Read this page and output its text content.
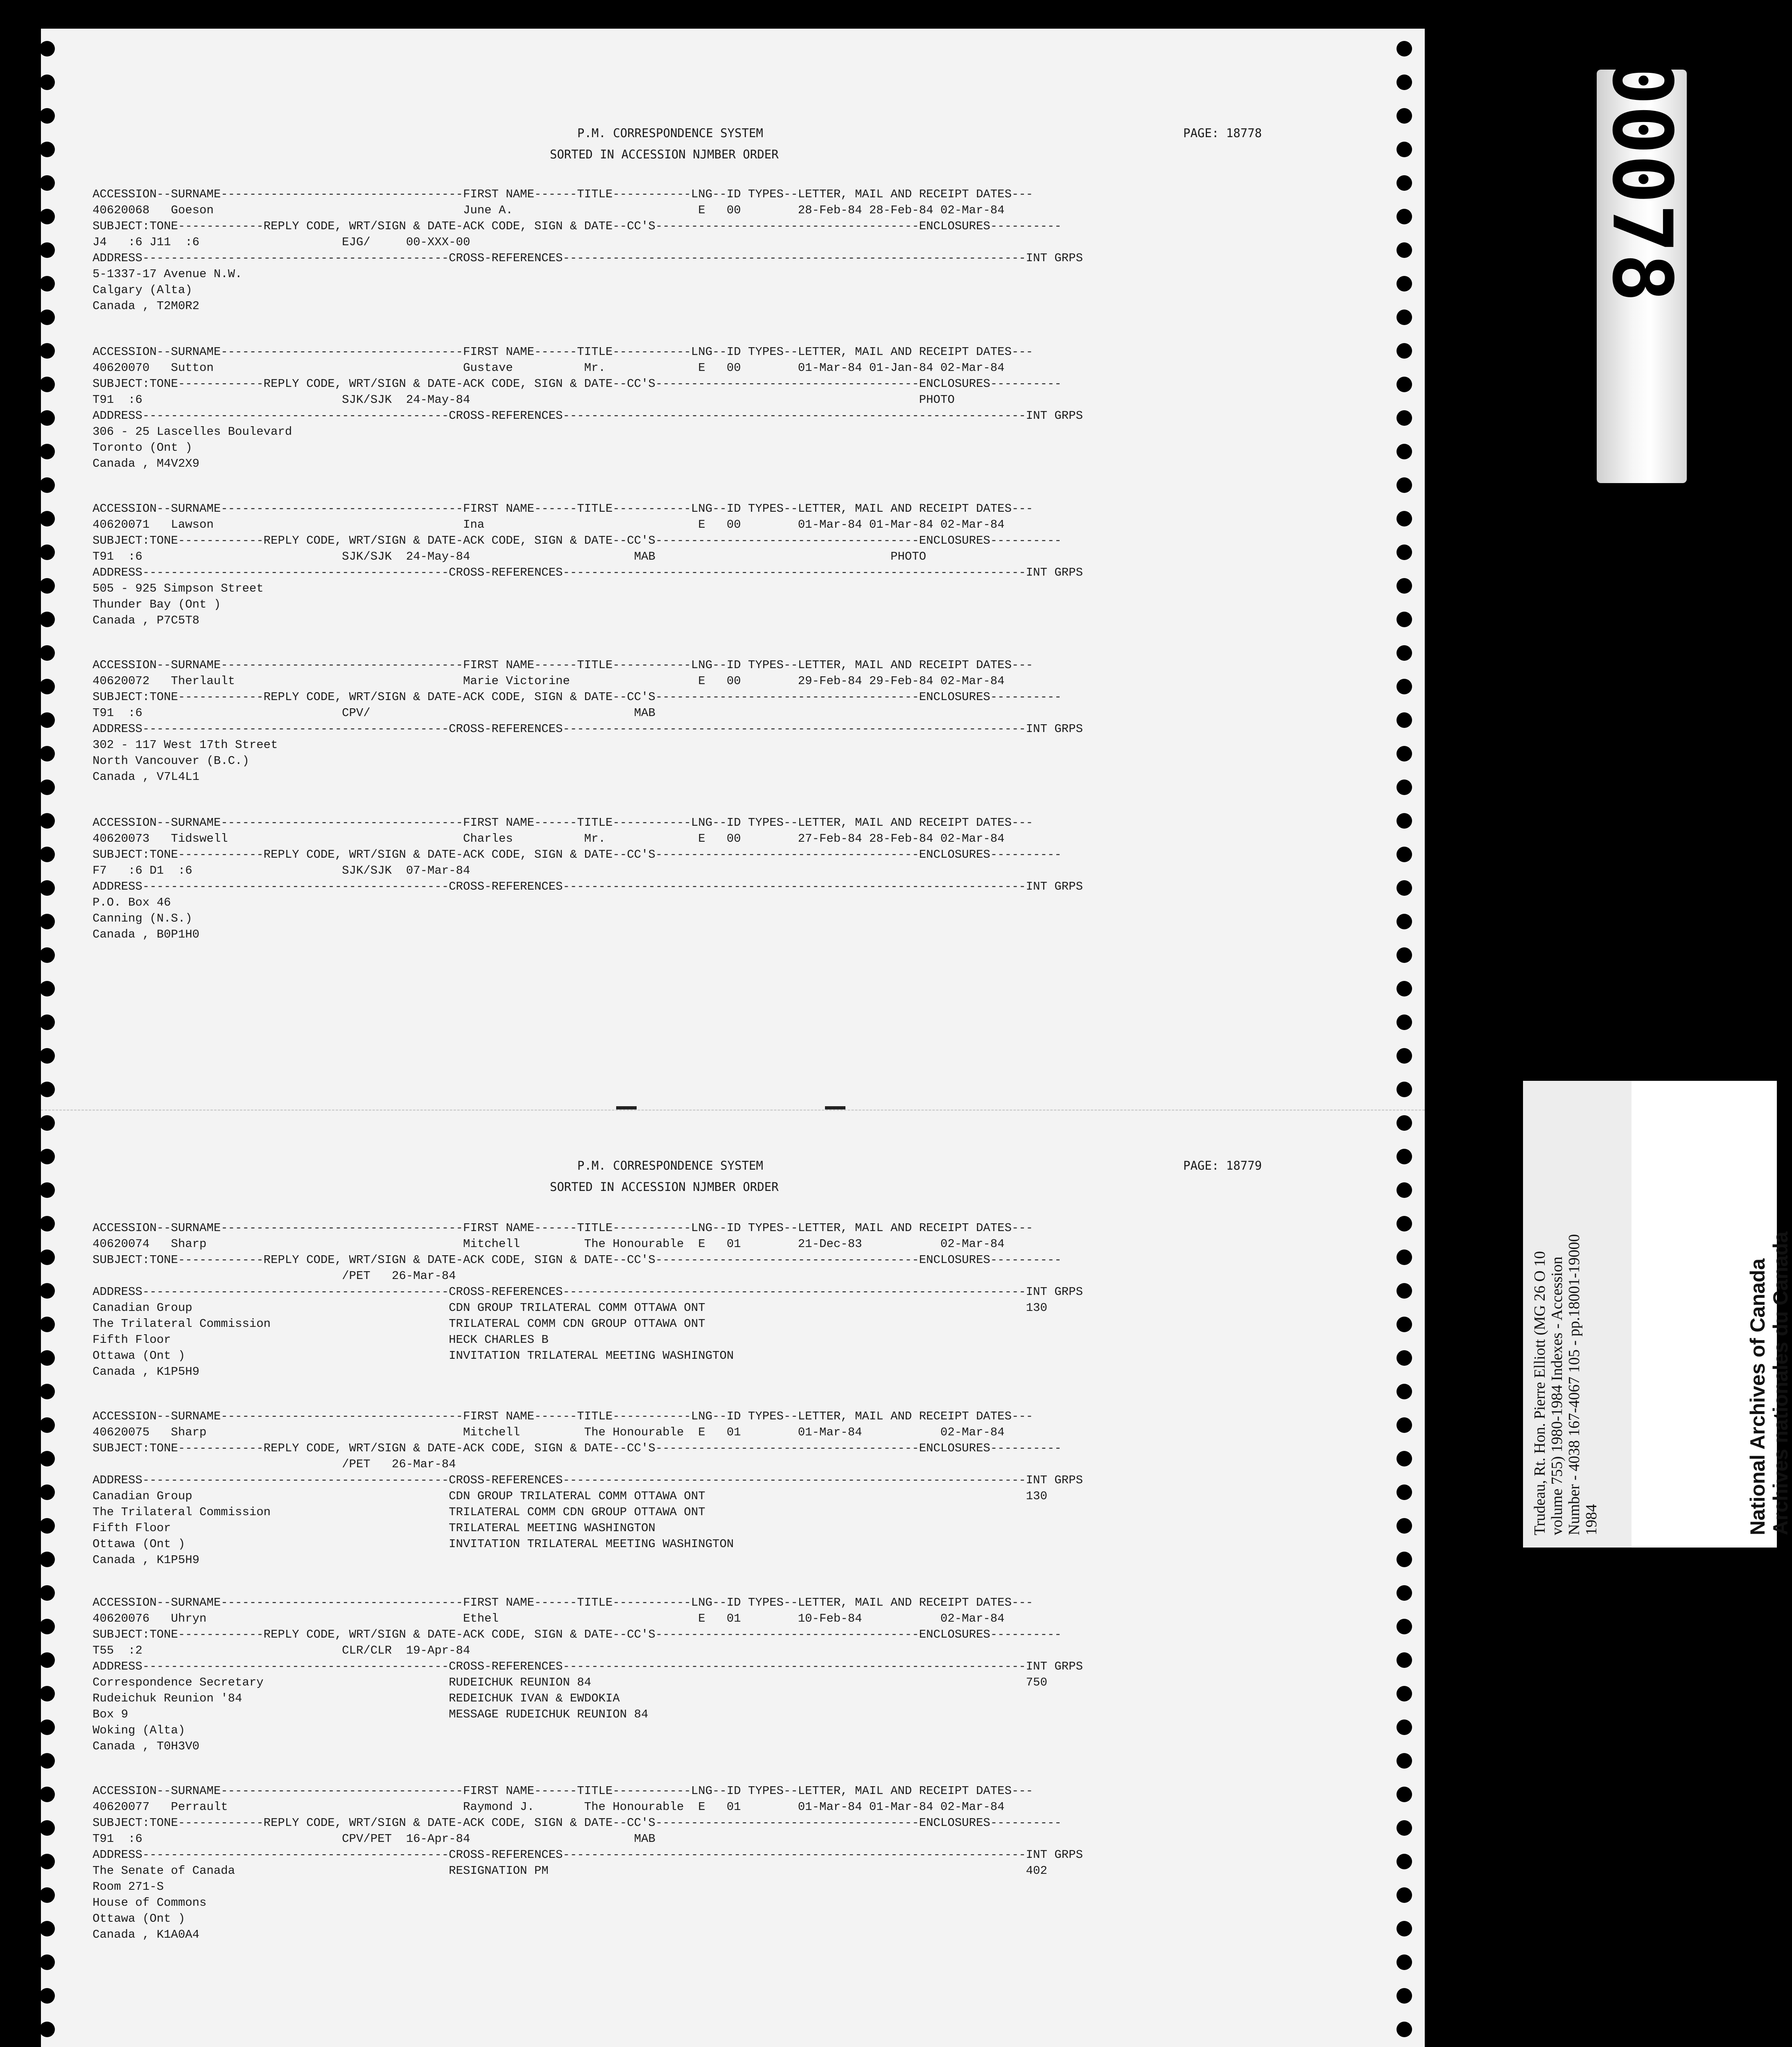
P.M. CORRESPONDENCE SYSTEM

	PAGE: 18778

SORTED IN ACCESSION NJMBER ORDER

ACCESSION--SURNAME----------------------------------FIRST NAME------TITLE-----------LNG--ID TYPES--LETTER, MAIL AND RECEIPT DATES---
40620068   Goeson                                   June A.                          E   00        28-Feb-84 28-Feb-84 02-Mar-84
SUBJECT:TONE------------REPLY CODE, WRT/SIGN & DATE-ACK CODE, SIGN & DATE--CC'S-------------------------------------ENCLOSURES----------
J4   :6 J11  :6                    EJG/     00-XXX-00
ADDRESS-------------------------------------------CROSS-REFERENCES-----------------------------------------------------------------INT GRPS
5-1337-17 Avenue N.W.
Calgary (Alta)
Canada , T2M0R2
ACCESSION--SURNAME----------------------------------FIRST NAME------TITLE-----------LNG--ID TYPES--LETTER, MAIL AND RECEIPT DATES---
40620070   Sutton                                   Gustave          Mr.             E   00        01-Mar-84 01-Jan-84 02-Mar-84
SUBJECT:TONE------------REPLY CODE, WRT/SIGN & DATE-ACK CODE, SIGN & DATE--CC'S-------------------------------------ENCLOSURES----------
T91  :6                            SJK/SJK  24-May-84                                                               PHOTO
ADDRESS-------------------------------------------CROSS-REFERENCES-----------------------------------------------------------------INT GRPS
306 - 25 Lascelles Boulevard
Toronto (Ont )
Canada , M4V2X9
ACCESSION--SURNAME----------------------------------FIRST NAME------TITLE-----------LNG--ID TYPES--LETTER, MAIL AND RECEIPT DATES---
40620071   Lawson                                   Ina                              E   00        01-Mar-84 01-Mar-84 02-Mar-84
SUBJECT:TONE------------REPLY CODE, WRT/SIGN & DATE-ACK CODE, SIGN & DATE--CC'S-------------------------------------ENCLOSURES----------
T91  :6                            SJK/SJK  24-May-84                       MAB                                 PHOTO
ADDRESS-------------------------------------------CROSS-REFERENCES-----------------------------------------------------------------INT GRPS
505 - 925 Simpson Street
Thunder Bay (Ont )
Canada , P7C5T8
ACCESSION--SURNAME----------------------------------FIRST NAME------TITLE-----------LNG--ID TYPES--LETTER, MAIL AND RECEIPT DATES---
40620072   Therlault                                Marie Victorine                  E   00        29-Feb-84 29-Feb-84 02-Mar-84
SUBJECT:TONE------------REPLY CODE, WRT/SIGN & DATE-ACK CODE, SIGN & DATE--CC'S-------------------------------------ENCLOSURES----------
T91  :6                            CPV/                                     MAB
ADDRESS-------------------------------------------CROSS-REFERENCES-----------------------------------------------------------------INT GRPS
302 - 117 West 17th Street
North Vancouver (B.C.)
Canada , V7L4L1
ACCESSION--SURNAME----------------------------------FIRST NAME------TITLE-----------LNG--ID TYPES--LETTER, MAIL AND RECEIPT DATES---
40620073   Tidswell                                 Charles          Mr.             E   00        27-Feb-84 28-Feb-84 02-Mar-84
SUBJECT:TONE------------REPLY CODE, WRT/SIGN & DATE-ACK CODE, SIGN & DATE--CC'S-------------------------------------ENCLOSURES----------
F7   :6 D1  :6                     SJK/SJK  07-Mar-84
ADDRESS-------------------------------------------CROSS-REFERENCES-----------------------------------------------------------------INT GRPS
P.O. Box 46
Canning (N.S.)
Canada , B0P1H0

P.M. CORRESPONDENCE SYSTEM

	PAGE: 18779

SORTED IN ACCESSION NJMBER ORDER

ACCESSION--SURNAME----------------------------------FIRST NAME------TITLE-----------LNG--ID TYPES--LETTER, MAIL AND RECEIPT DATES---
40620074   Sharp                                    Mitchell         The Honourable  E   01        21-Dec-83           02-Mar-84
SUBJECT:TONE------------REPLY CODE, WRT/SIGN & DATE-ACK CODE, SIGN & DATE--CC'S-------------------------------------ENCLOSURES----------
/PET   26-Mar-84
ADDRESS-------------------------------------------CROSS-REFERENCES-----------------------------------------------------------------INT GRPS
Canadian Group                                    CDN GROUP TRILATERAL COMM OTTAWA ONT                                             130
The Trilateral Commission                         TRILATERAL COMM CDN GROUP OTTAWA ONT
Fifth Floor                                       HECK CHARLES B
Ottawa (Ont )                                     INVITATION TRILATERAL MEETING WASHINGTON
Canada , K1P5H9
ACCESSION--SURNAME----------------------------------FIRST NAME------TITLE-----------LNG--ID TYPES--LETTER, MAIL AND RECEIPT DATES---
40620075   Sharp                                    Mitchell         The Honourable  E   01        01-Mar-84           02-Mar-84
SUBJECT:TONE------------REPLY CODE, WRT/SIGN & DATE-ACK CODE, SIGN & DATE--CC'S-------------------------------------ENCLOSURES----------
/PET   26-Mar-84
ADDRESS-------------------------------------------CROSS-REFERENCES-----------------------------------------------------------------INT GRPS
Canadian Group                                    CDN GROUP TRILATERAL COMM OTTAWA ONT                                             130
The Trilateral Commission                         TRILATERAL COMM CDN GROUP OTTAWA ONT
Fifth Floor                                       TRILATERAL MEETING WASHINGTON
Ottawa (Ont )                                     INVITATION TRILATERAL MEETING WASHINGTON
Canada , K1P5H9
ACCESSION--SURNAME----------------------------------FIRST NAME------TITLE-----------LNG--ID TYPES--LETTER, MAIL AND RECEIPT DATES---
40620076   Uhryn                                    Ethel                            E   01        10-Feb-84           02-Mar-84
SUBJECT:TONE------------REPLY CODE, WRT/SIGN & DATE-ACK CODE, SIGN & DATE--CC'S-------------------------------------ENCLOSURES----------
T55  :2                            CLR/CLR  19-Apr-84
ADDRESS-------------------------------------------CROSS-REFERENCES-----------------------------------------------------------------INT GRPS
Correspondence Secretary                          RUDEICHUK REUNION 84                                                             750
Rudeichuk Reunion '84                             REDEICHUK IVAN & EWDOKIA
Box 9                                             MESSAGE RUDEICHUK REUNION 84
Woking (Alta)
Canada , T0H3V0
ACCESSION--SURNAME----------------------------------FIRST NAME------TITLE-----------LNG--ID TYPES--LETTER, MAIL AND RECEIPT DATES---
40620077   Perrault                                 Raymond J.       The Honourable  E   01        01-Mar-84 01-Mar-84 02-Mar-84
SUBJECT:TONE------------REPLY CODE, WRT/SIGN & DATE-ACK CODE, SIGN & DATE--CC'S-------------------------------------ENCLOSURES----------
T91  :6                            CPV/PET  16-Apr-84                       MAB
ADDRESS-------------------------------------------CROSS-REFERENCES-----------------------------------------------------------------INT GRPS
The Senate of Canada                              RESIGNATION PM                                                                   402
Room 271-S
House of Commons
Ottawa (Ont )
Canada , K1A0A4
00078
Trudeau, Rt. Hon. Pierre Elliott (MG 26 O 10 volume 755) 1980-1984 Indexes - Accession Number - 4038 167-4067 105 - pp.18001-19000 1984	National Archives of Canada Archives nationales du Canada
